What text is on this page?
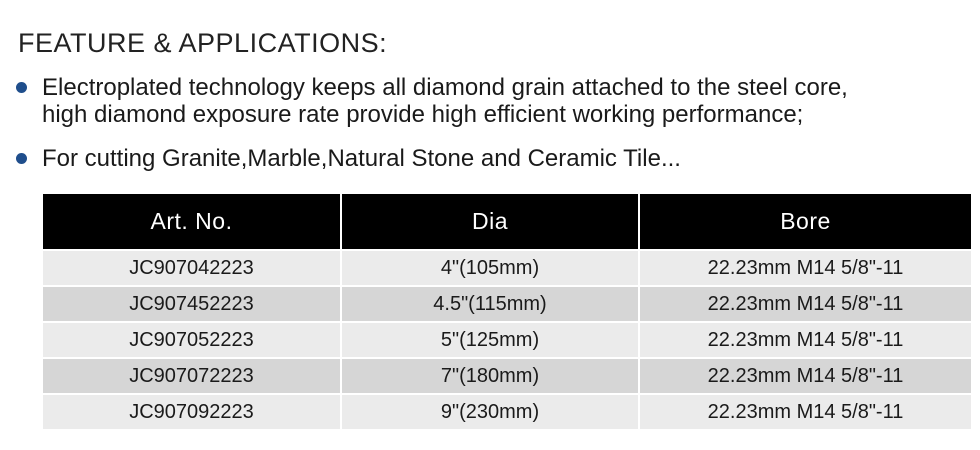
FEATURE & APPLICATIONS:
Electroplated technology keeps all diamond grain attached to the steel core,
high diamond exposure rate provide high efficient working performance;
For cutting Granite,Marble,Natural Stone and Ceramic Tile...
Art. No.	Dia	Bore
JC907042223	4"(105mm)	22.23mm M14 5/8"-11
JC907452223	4.5"(115mm)	22.23mm M14 5/8"-11
JC907052223	5"(125mm)	22.23mm M14 5/8"-11
JC907072223	7"(180mm)	22.23mm M14 5/8"-11
JC907092223	9"(230mm)	22.23mm M14 5/8"-11
